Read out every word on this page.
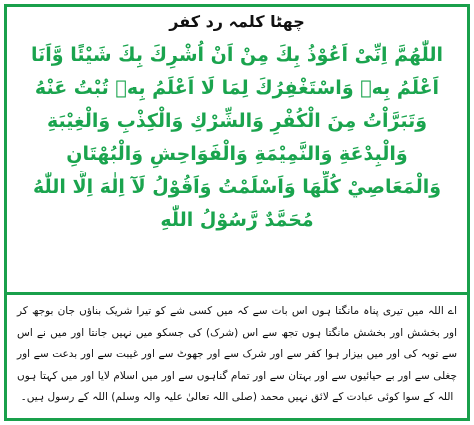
چھٹا کلمہ رد کفر
اللّٰھُمَّ اِنِّیْ اَعُوْذُ بِكَ مِنْ اَنْ اُشْرِكَ بِكَ شَيْئًا وَّاَنَا
اَعْلَمُ بِهٖ وَاسْتَغْفِرُكَ لِمَا لَا اَعْلَمُ بِهٖ تُبْتُ عَنْهُ
وَتَبَرَّاْتُ مِنَ الْكُفْرِ وَالشِّرْكِ وَالْكِذْبِ وَالْغِيْبَةِ
وَالْبِدْعَةِ وَالنَّمِيْمَةِ وَالْفَوَاحِشِ وَالْبُهْتَانِ
وَالْمَعَاصِيْ كُلِّهَا وَاَسْلَمْتُ وَاَقُوْلُ لَآ اِلٰهَ اِلَّا اللّٰهُ
مُحَمَّدٌ رَّسُوْلُ اللّٰهِ
اے اللہ میں تیری پناہ مانگتا ہوں اس بات سے کہ میں کسی شے کو تیرا شریک بناؤں جان بوجھ کر اور بخشش اور بخشش مانگتا ہوں تجھ سے اس (شرک) کی جسکو میں نہیں جانتا اور میں نے اس سے توبہ کی اور میں بیزار ہوا کفر سے اور شرک سے اور جھوٹ سے اور غیبت سے اور بدعت سے اور چغلی سے اور بے حیائیوں سے اور بہتان سے اور تمام گناہوں سے اور میں اسلام لایا اور میں کہتا ہوں اللہ کے سوا کوئی عبادت کے لائق نہیں محمد (صلی اللہ تعالیٰ علیہ والہ وسلم) اللہ کے رسول ہیں۔
